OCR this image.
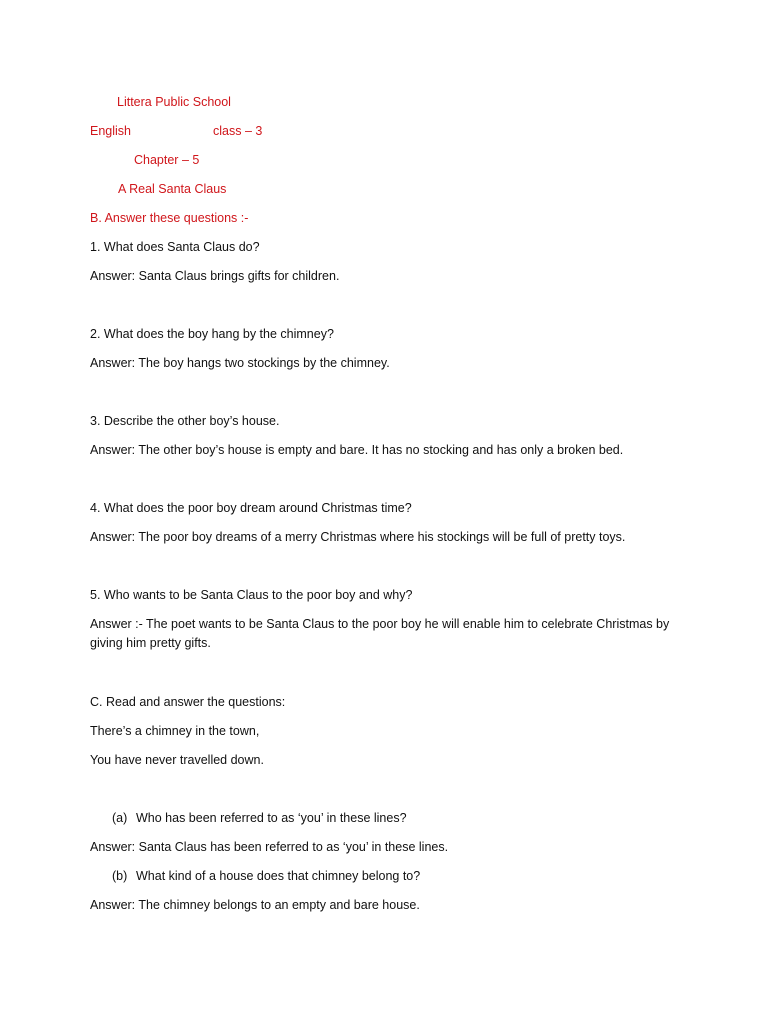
Littera Public School
English	class – 3
Chapter – 5
A Real Santa Claus
B. Answer these questions :-
1. What does Santa Claus do?
Answer: Santa Claus brings gifts for children.
2. What does the boy hang by the chimney?
Answer: The boy hangs two stockings by the chimney.
3. Describe the other boy’s house.
Answer: The other boy’s house is empty and bare. It has no stocking and has only a broken bed.
4. What does the poor boy dream around Christmas time?
Answer: The poor boy dreams of a merry Christmas where his stockings will be full of pretty toys.
5. Who wants to be Santa Claus to the poor boy and why?
Answer :- The poet wants to be Santa Claus to the poor boy he will enable him to celebrate Christmas by giving him pretty gifts.
C. Read and answer the questions:
There’s a chimney in the town,
You have never travelled down.
(a) Who has been referred to as ‘you’ in these lines?
Answer: Santa Claus has been referred to as ‘you’ in these lines.
(b) What kind of a house does that chimney belong to?
Answer: The chimney belongs to an empty and bare house.
